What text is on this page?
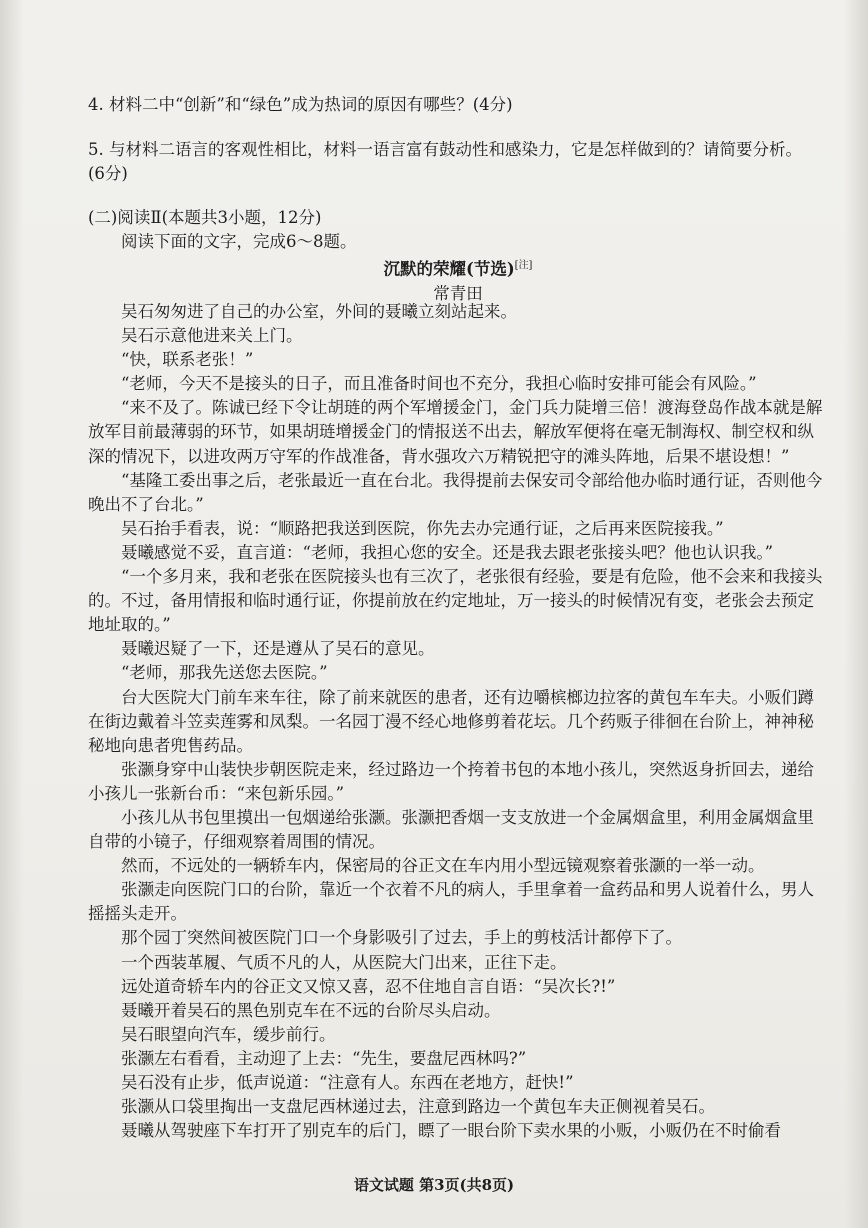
4. 材料二中“创新”和“绿色”成为热词的原因有哪些？(4分)

5. 与材料二语言的客观性相比，材料一语言富有鼓动性和感染力，它是怎样做到的？请简要分析。

(6分)

(二)阅读Ⅱ(本题共3小题，12分)

阅读下面的文字，完成6～8题。

沉默的荣耀(节选)[注]

常青田

吴石匆匆进了自己的办公室，外间的聂曦立刻站起来。

吴石示意他进来关上门。

“快，联系老张！”

“老师，今天不是接头的日子，而且准备时间也不充分，我担心临时安排可能会有风险。”

“来不及了。陈诚已经下令让胡琏的两个军增援金门，金门兵力陡增三倍！渡海登岛作战本就是解放军目前最薄弱的环节，如果胡琏增援金门的情报送不出去，解放军便将在毫无制海权、制空权和纵深的情况下，以进攻两万守军的作战准备，背水强攻六万精锐把守的滩头阵地，后果不堪设想！”

“基隆工委出事之后，老张最近一直在台北。我得提前去保安司令部给他办临时通行证，否则他今晚出不了台北。”

吴石抬手看表，说：“顺路把我送到医院，你先去办完通行证，之后再来医院接我。”

聂曦感觉不妥，直言道：“老师，我担心您的安全。还是我去跟老张接头吧？他也认识我。”

“一个多月来，我和老张在医院接头也有三次了，老张很有经验，要是有危险，他不会来和我接头的。不过，备用情报和临时通行证，你提前放在约定地址，万一接头的时候情况有变，老张会去预定地址取的。”

聂曦迟疑了一下，还是遵从了吴石的意见。

“老师，那我先送您去医院。”

台大医院大门前车来车往，除了前来就医的患者，还有边嚼槟榔边拉客的黄包车车夫。小贩们蹲在街边戴着斗笠卖莲雾和凤梨。一名园丁漫不经心地修剪着花坛。几个药贩子徘徊在台阶上，神神秘秘地向患者兜售药品。

张灏身穿中山装快步朝医院走来，经过路边一个挎着书包的本地小孩儿，突然返身折回去，递给小孩儿一张新台币：“来包新乐园。”

小孩儿从书包里摸出一包烟递给张灏。张灏把香烟一支支放进一个金属烟盒里，利用金属烟盒里自带的小镜子，仔细观察着周围的情况。

然而，不远处的一辆轿车内，保密局的谷正文在车内用小型远镜观察着张灏的一举一动。

张灏走向医院门口的台阶，靠近一个衣着不凡的病人，手里拿着一盒药品和男人说着什么，男人摇摇头走开。

那个园丁突然间被医院门口一个身影吸引了过去，手上的剪枝活计都停下了。

一个西装革履、气质不凡的人，从医院大门出来，正往下走。

远处道奇轿车内的谷正文又惊又喜，忍不住地自言自语：“吴次长?!”

聂曦开着吴石的黑色别克车在不远的台阶尽头启动。

吴石眼望向汽车，缓步前行。

张灏左右看看，主动迎了上去：“先生，要盘尼西林吗?”

吴石没有止步，低声说道：“注意有人。东西在老地方，赶快!”

张灏从口袋里掏出一支盘尼西林递过去，注意到路边一个黄包车夫正侧视着吴石。

聂曦从驾驶座下车打开了别克车的后门，瞟了一眼台阶下卖水果的小贩，小贩仍在不时偷看

语文试题 第3页(共8页)
